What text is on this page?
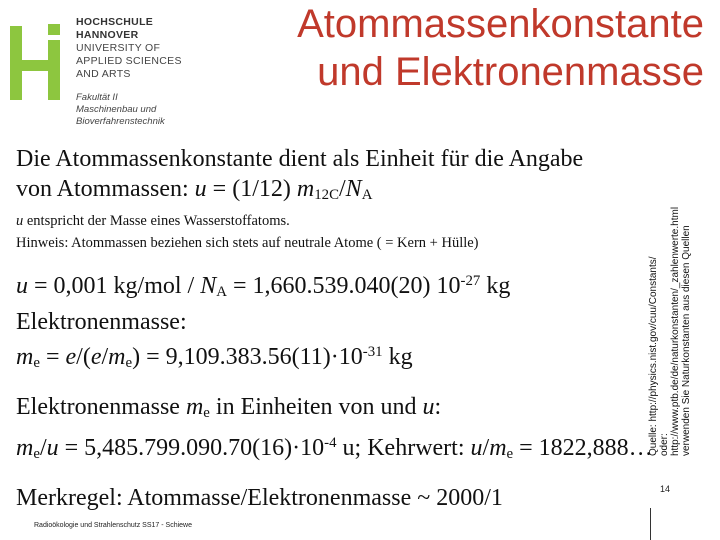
HOCHSCHULE
HANNOVER
UNIVERSITY OF
APPLIED SCIENCES
AND ARTS
Fakultät II
Maschinenbau und
Bioverfahrenstechnik
Atommassenkonstante
und Elektronenmasse
Die Atommassenkonstante dient als Einheit für die Angabe
von Atommassen: u = (1/12) $m_{12C}/N_A$
u entspricht der Masse eines Wasserstoffatoms.
Hinweis: Atommassen beziehen sich stets auf neutrale Atome ( = Kern + Hülle)
u = 0,001 $kg/mol / N_A = 1,660.539.040(20)$ $10^{-27}$ kg
Elektronenmasse:
$m_e = e/(e/m_e) = 9,109.383.56(11)\cdot 10^{-31}$ kg
Elektronenmasse $m_e$ in Einheiten von und u:
$m_e/u = 5,485.799.090.70(16)\cdot 10^{-4}$ u; Kehrwert: $u/m_e$ = 1822,888…
Merkregel: Atommasse/Elektronenmasse ~ 2000/1
Quelle: http://physics.nist.gov/cuu/Constants/ oder: http://www.ptb.de/de/naturkonstanten/_zahlenwerte.html verwenden Sie Naturkonstanten aus diesen Quellen
Radioökologie und Strahlenschutz SS17 - Schiewe
14
